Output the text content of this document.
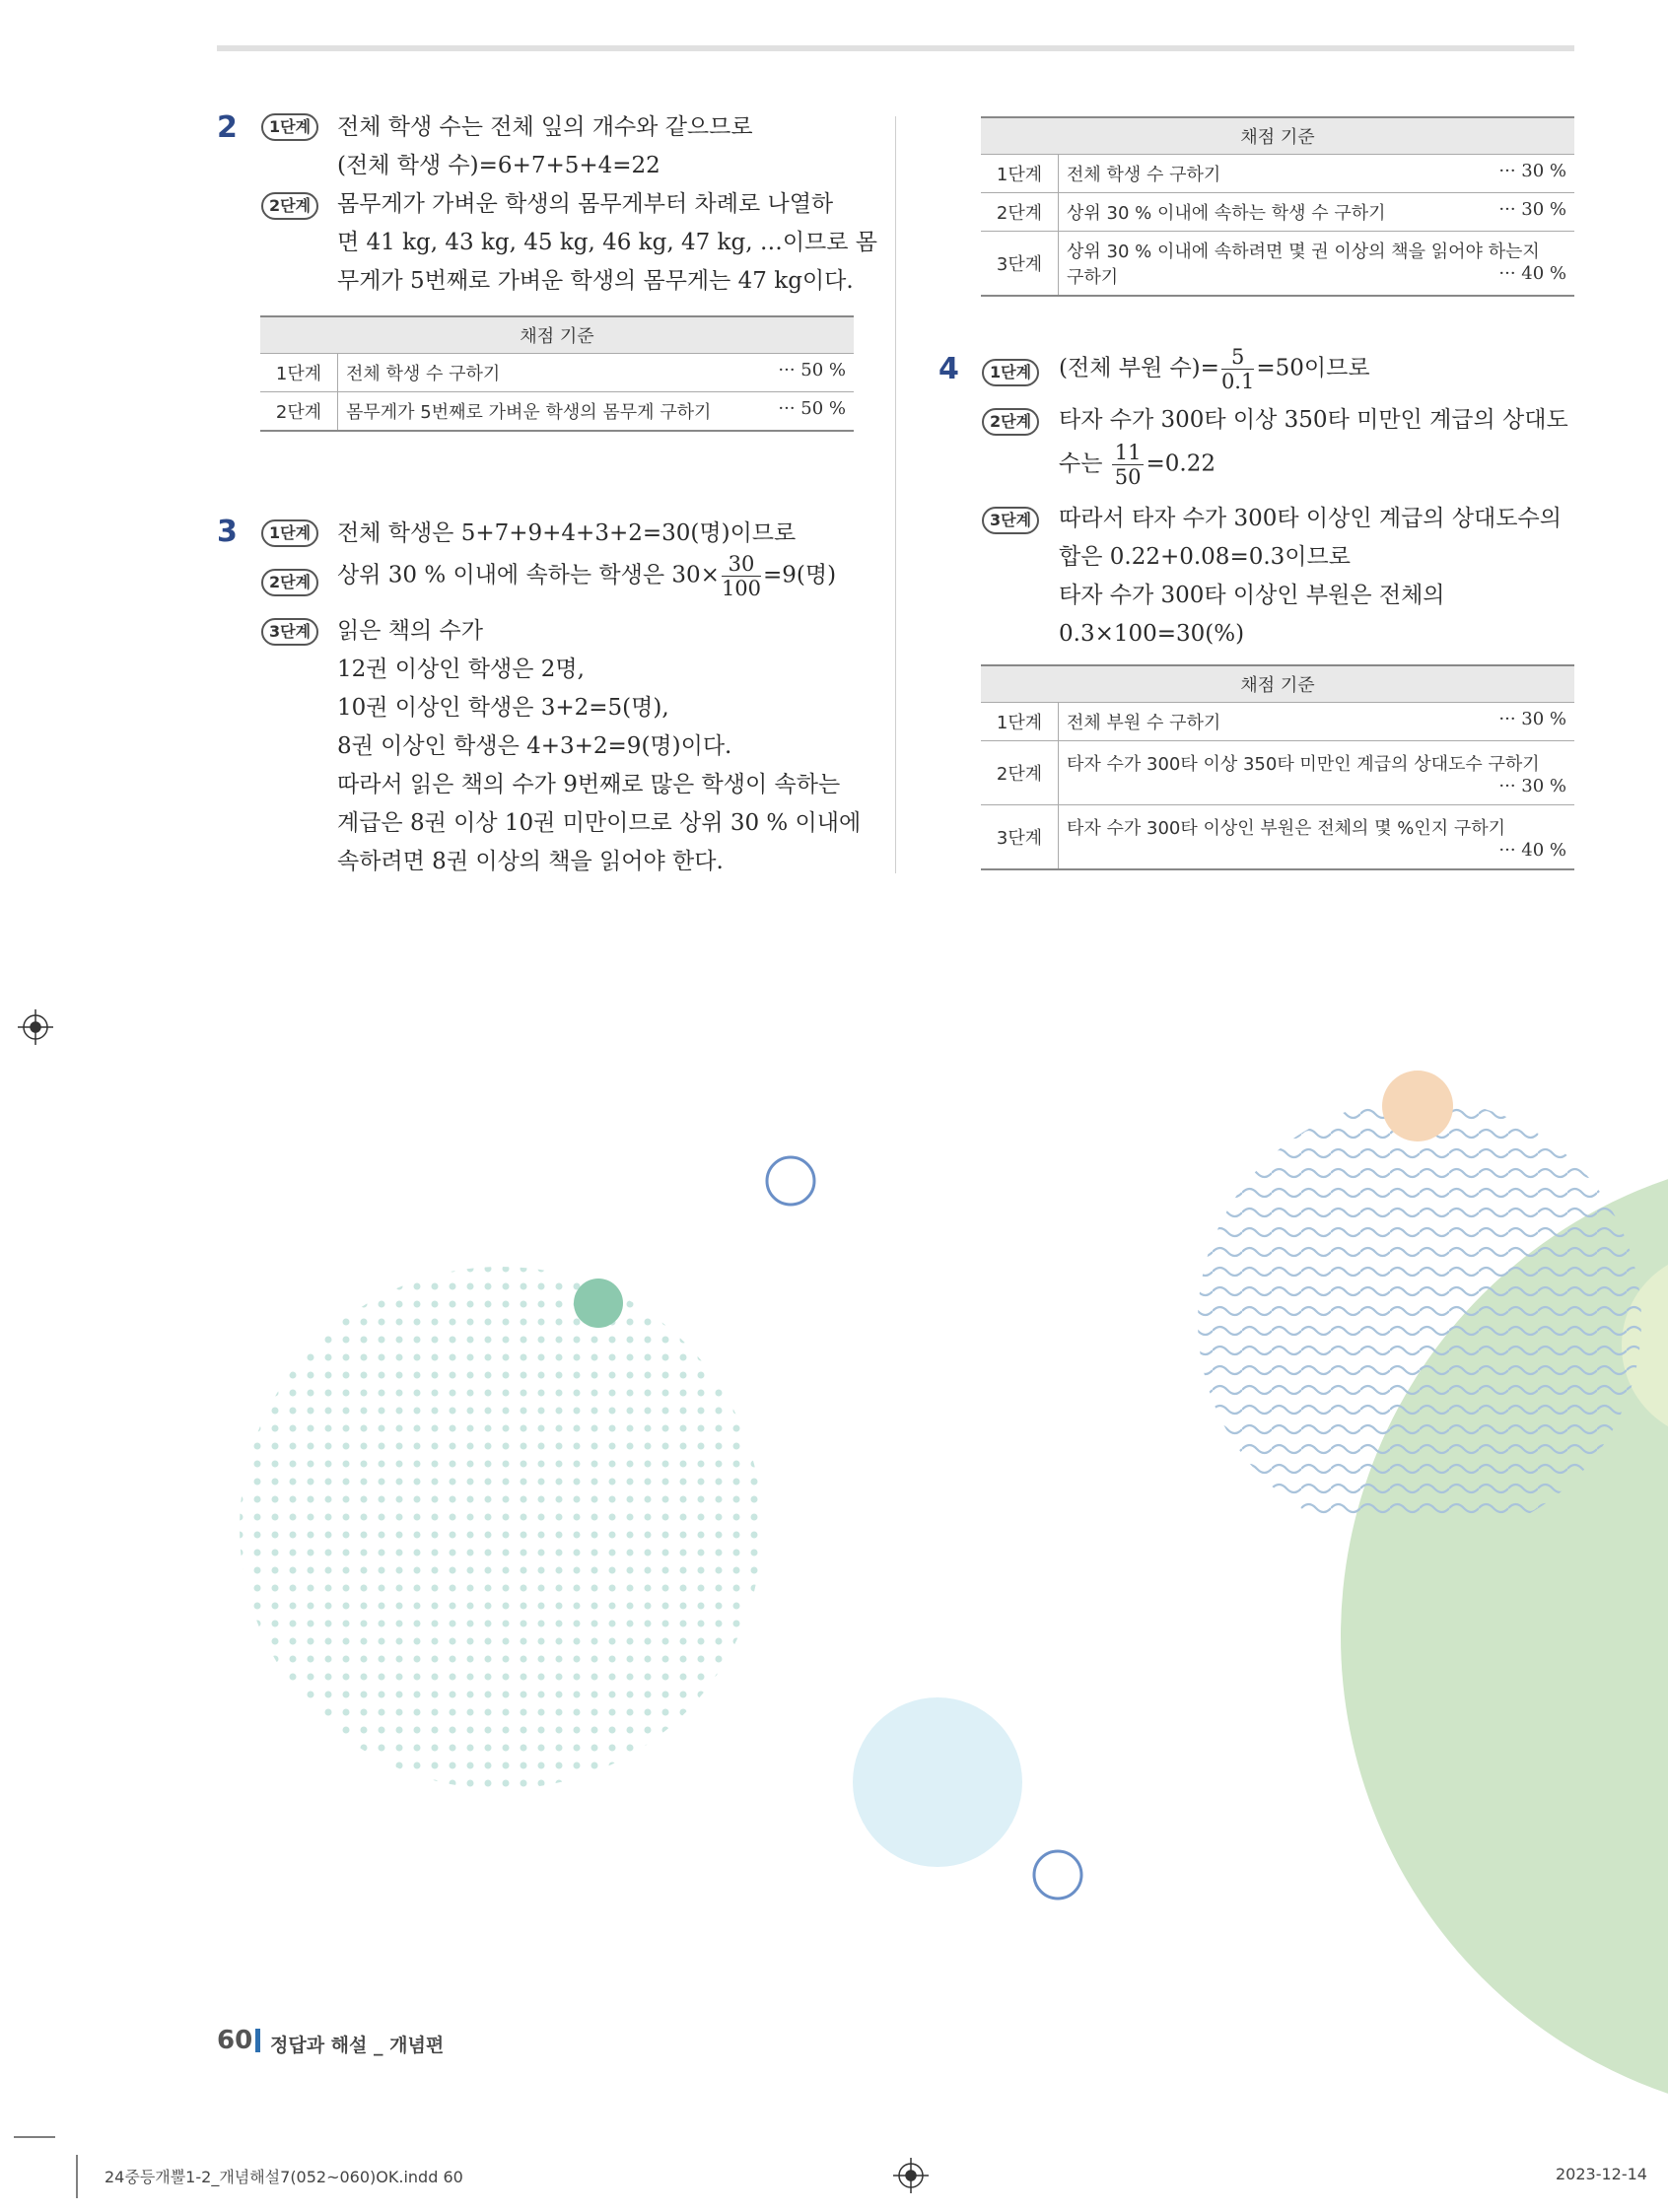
2	1단계	전체 학생 수는 전체 잎의 개수와 같으므로
(전체 학생 수)=6+7+5+4=22
2단계	몸무게가 가벼운 학생의 몸무게부터 차례로 나열하
면 41 kg, 43 kg, 45 kg, 46 kg, 47 kg, …이므로 몸
무게가 5번째로 가벼운 학생의 몸무게는 47 kg이다.
채점 기준	
1단계	전체 학생 수 구하기 ··· 50 %

2단계	몸무게가 5번째로 가벼운 학생의 몸무게 구하기 ··· 50 %
3	1단계	전체 학생은 5+7+9+4+3+2=30(명)이므로
2단계	상위 30 % 이내에 속하는 학생은 $30\times \frac{30}{100} =9$(명)
3단계	읽은 책의 수가
12권 이상인 학생은 2명,
10권 이상인 학생은 3+2=5(명),
8권 이상인 학생은 4+3+2=9(명)이다.
따라서 읽은 책의 수가 9번째로 많은 학생이 속하는
계급은 8권 이상 10권 미만이므로 상위 30 % 이내에
속하려면 8권 이상의 책을 읽어야 한다.
채점 기준	
1단계	전체 학생 수 구하기 ··· 30 %

2단계	상위 30 % 이내에 속하는 학생 수 구하기 ··· 30 %

3단계	상위 30 % 이내에 속하려면 몇 권 이상의 책을 읽어야 하는지
구하기 ··· 40 %
4	1단계	(전체 부원 수)= $\frac{5}{0.1} =50$이므로
2단계	타자 수가 300타 이상 350타 미만인 계급의 상대도
수는 $\frac{11}{50} =0.22$
3단계	따라서 타자 수가 300타 이상인 계급의 상대도수의
합은 0.22+0.08=0.3이므로
타자 수가 300타 이상인 부원은 전체의
0.3×100=30(%)
채점 기준	
1단계	전체 부원 수 구하기 ··· 30 %

2단계	타자 수가 300타 이상 350타 미만인 계급의 상대도수 구하기
··· 30 %

3단계	타자 수가 300타 이상인 부원은 전체의 몇 %인지 구하기
··· 40 %
60 정답과 해설 _ 개념편
24중등개뿔1-2_개념해설7(052~060)OK.indd 60	2023-12-14
